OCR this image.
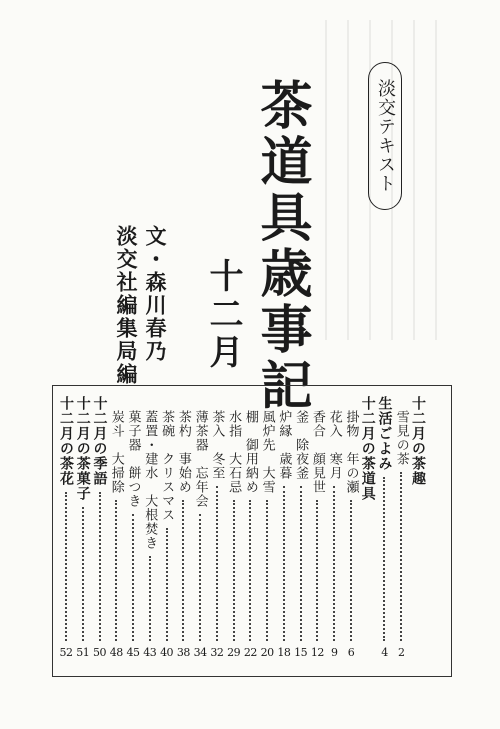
淡交テキスト
茶道具歳事記
十二月
文・森川春乃
淡交社編集局編
十二月の茶趣
雪見の茶
2
生活ごよみ
4
十二月の茶道具
掛物　年の瀬
6
花入　寒月
9
香合　顔見世
12
釜　除夜釜
15
炉縁　歳暮
18
風炉先　大雪
20
棚　御用納め
22
水指　大石忌
29
茶入　冬至
32
薄茶器　忘年会
34
茶杓　事始め
38
茶碗　クリスマス
40
蓋置・建水　大根焚き
43
菓子器　餅つき
45
炭斗　大掃除
48
十二月の季語
50
十二月の茶菓子
51
十二月の茶花
52
